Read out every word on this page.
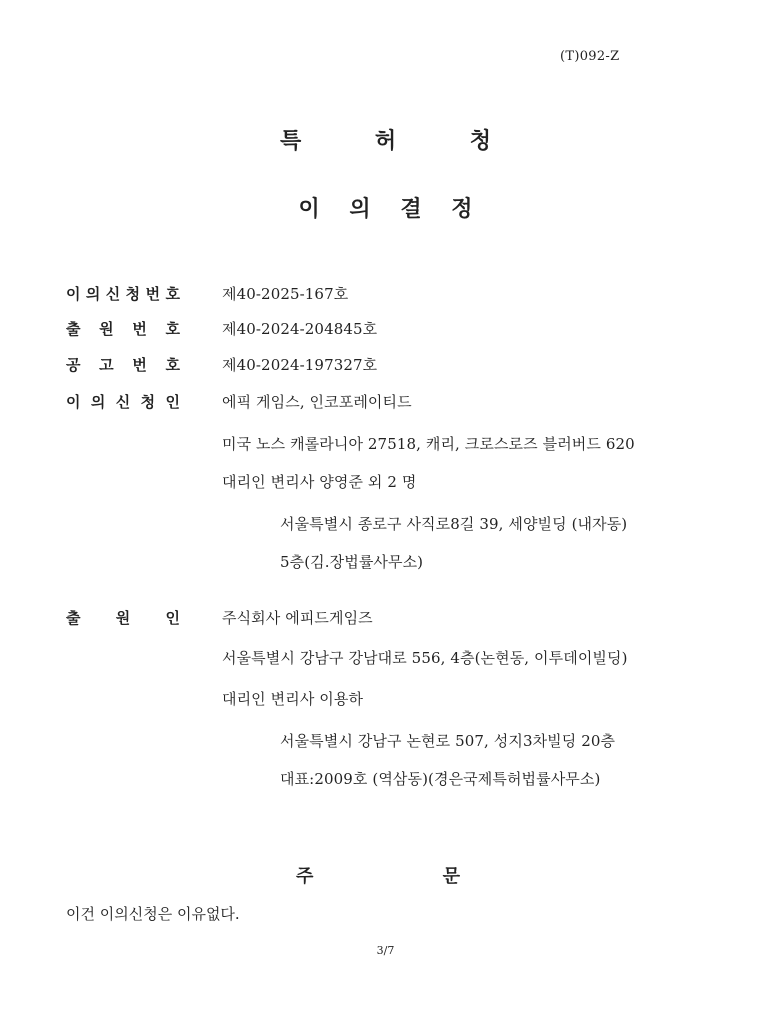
(T)092-Z
특 허 청
이 의 결 정
이 의 신 청 번 호	제40-2025-167호
출 원 번 호	제40-2024-204845호
공 고 번 호	제40-2024-197327호
이 의 신 청 인	에픽 게임스, 인코포레이티드
미국 노스 캐롤라니아 27518, 캐리, 크로스로즈 블러버드 620
대리인 변리사 양영준 외 2 명
서울특별시 종로구 사직로8길 39, 세양빌딩 (내자동)
5층(김.장법률사무소)
출 원 인	주식회사 에피드게임즈
서울특별시 강남구 강남대로 556, 4층(논현동, 이투데이빌딩)
대리인 변리사 이용하
서울특별시 강남구 논현로 507, 성지3차빌딩 20층
대표:2009호 (역삼동)(경은국제특허법률사무소)
주	문
이건 이의신청은 이유없다.
3/7
